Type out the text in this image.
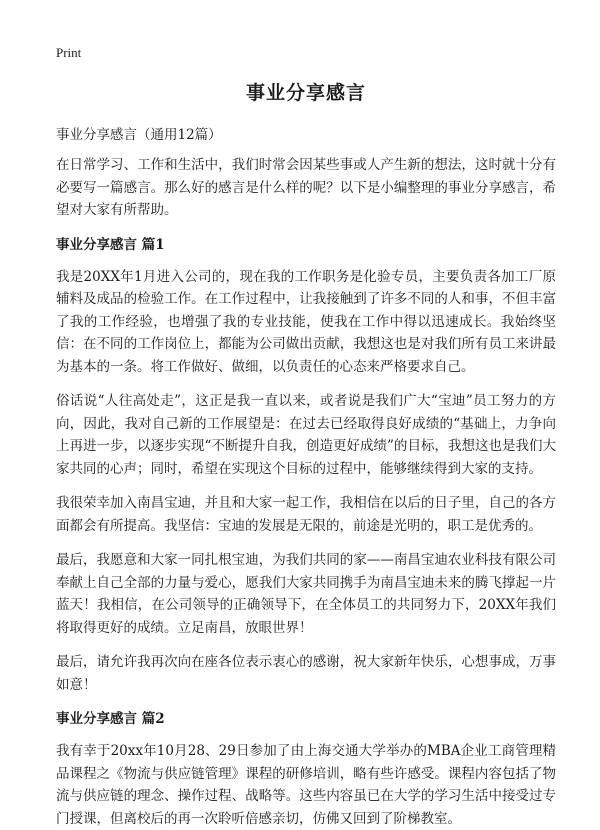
Print
事业分享感言
事业分享感言（通用12篇）

在日常学习、工作和生活中，我们时常会因某些事或人产生新的想法，这时就十分有必要写一篇感言。那么好的感言是什么样的呢？以下是小编整理的事业分享感言，希望对大家有所帮助。

事业分享感言 篇1

我是20XX年1月进入公司的，现在我的工作职务是化验专员，主要负责各加工厂原辅料及成品的检验工作。在工作过程中，让我接触到了许多不同的人和事，不但丰富了我的工作经验，也增强了我的专业技能，使我在工作中得以迅速成长。我始终坚信：在不同的工作岗位上，都能为公司做出贡献，我想这也是对我们所有员工来讲最为基本的一条。将工作做好、做细，以负责任的心态来严格要求自己。

俗话说“人往高处走”，这正是我一直以来，或者说是我们广大“宝迪”员工努力的方向，因此，我对自己新的工作展望是：在过去已经取得良好成绩的“基础上，力争向上再进一步，以逐步实现“不断提升自我，创造更好成绩”的目标，我想这也是我们大家共同的心声；同时，希望在实现这个目标的过程中，能够继续得到大家的支持。

我很荣幸加入南昌宝迪，并且和大家一起工作，我相信在以后的日子里，自己的各方面都会有所提高。我坚信：宝迪的发展是无限的，前途是光明的，职工是优秀的。

最后，我愿意和大家一同扎根宝迪，为我们共同的家——南昌宝迪农业科技有限公司奉献上自己全部的力量与爱心，愿我们大家共同携手为南昌宝迪未来的腾飞撑起一片蓝天！我相信，在公司领导的正确领导下，在全体员工的共同努力下，20XX年我们将取得更好的成绩。立足南昌，放眼世界！

最后，请允许我再次向在座各位表示衷心的感谢，祝大家新年快乐，心想事成，万事如意！

事业分享感言 篇2

我有幸于20xx年10月28、29日参加了由上海交通大学举办的MBA企业工商管理精品课程之《物流与供应链管理》课程的研修培训，略有些许感受。课程内容包括了物流与供应链的理念、操作过程、战略等。这些内容虽已在大学的学习生活中接受过专门授课，但离校后的再一次聆听倍感亲切，仿佛又回到了阶梯教室。
